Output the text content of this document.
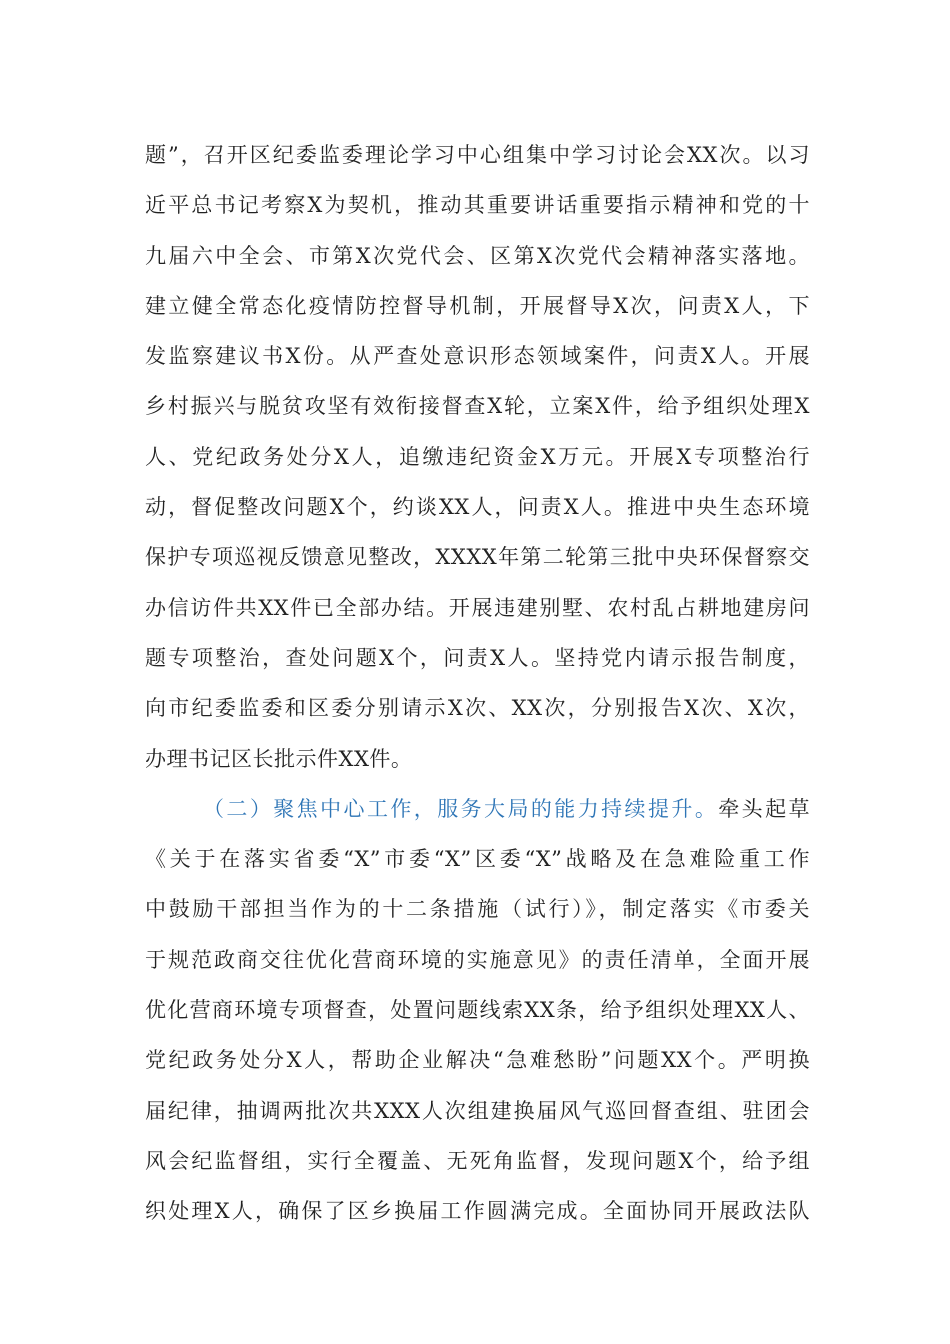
题”，召开区纪委监委理论学习中心组集中学习讨论会XX次。以习
近平总书记考察X为契机，推动其重要讲话重要指示精神和党的十
九届六中全会、市第X次党代会、区第X次党代会精神落实落地。
建立健全常态化疫情防控督导机制，开展督导X次，问责X人，下
发监察建议书X份。从严查处意识形态领域案件，问责X人。开展
乡村振兴与脱贫攻坚有效衔接督查X轮，立案X件，给予组织处理X
人、党纪政务处分X人，追缴违纪资金X万元。开展X专项整治行
动，督促整改问题X个，约谈XX人，问责X人。推进中央生态环境
保护专项巡视反馈意见整改，XXXX年第二轮第三批中央环保督察交
办信访件共XX件已全部办结。开展违建别墅、农村乱占耕地建房问
题专项整治，查处问题X个，问责X人。坚持党内请示报告制度，
向市纪委监委和区委分别请示X次、XX次，分别报告X次、X次，
办理书记区长批示件XX件。
（二）聚焦中心工作，服务大局的能力持续提升。牵头起草
《关于在落实省委“X”市委“X”区委“X”战略及在急难险重工作
中鼓励干部担当作为的十二条措施（试行）》，制定落实《市委关
于规范政商交往优化营商环境的实施意见》的责任清单，全面开展
优化营商环境专项督查，处置问题线索XX条，给予组织处理XX人、
党纪政务处分X人，帮助企业解决“急难愁盼”问题XX个。严明换
届纪律，抽调两批次共XXX人次组建换届风气巡回督查组、驻团会
风会纪监督组，实行全覆盖、无死角监督，发现问题X个，给予组
织处理X人，确保了区乡换届工作圆满完成。全面协同开展政法队
